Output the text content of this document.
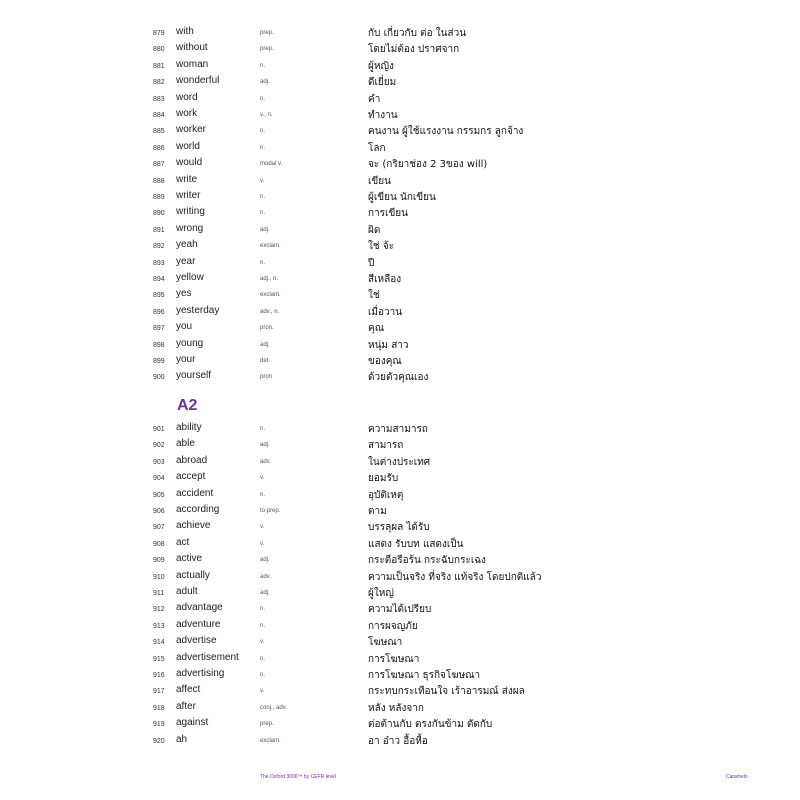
879 with	prep.	กับ เกี่ยวกับ ต่อ ในส่วน
880 without	prep.	โดยไม่ต้อง ปราศจาก
881 woman	n.	ผู้หญิง
882 wonderful	adj.	ดีเยี่ยม
883 word	n.	คำ
884 work	v., n.	ทำงาน
885 worker	n.	คนงาน ผู้ใช้แรงงาน กรรมกร ลูกจ้าง
886 world	n.	โลก
887 would	modal v.	จะ (กริยาช่อง 2 3ของ will)
888 write	v.	เขียน
889 writer	n.	ผู้เขียน นักเขียน
890 writing	n.	การเขียน
891 wrong	adj.	ผิด
892 yeah	exclam.	ใช่ จ้ะ
893 year	n.	ปี
894 yellow	adj., n.	สีเหลือง
895 yes	exclam.	ใช่
896 yesterday	adv., n.	เมื่อวาน
897 you	pron.	คุณ
898 young	adj.	หนุ่ม สาว
899 your	det.	ของคุณ
900 yourself	pron	ด้วยตัวคุณเอง
A2
901 ability	n.	ความสามารถ
902 able	adj.	สามารถ
903 abroad	adv.	ในต่างประเทศ
904 accept	v.	ยอมรับ
905 accident	n.	อุบัติเหตุ
906 according	to prep.	ตาม
907 achieve	v.	บรรลุผล ได้รับ
908 act	v.	แสดง รับบท แสดงเป็น
909 active	adj.	กระตือรือร้น กระฉับกระเฉง
910 actually	adv.	ความเป็นจริง ที่จริง แท้จริง โดยปกติแล้ว
911 adult	adj.	ผู้ใหญ่
912 advantage	n.	ความได้เปรียบ
913 adventure	n.	การผจญภัย
914 advertise	v.	โฆษณา
915 advertisement	n.	การโฆษณา
916 advertising	n.	การโฆษณา ธุรกิจโฆษณา
917 affect	v.	กระทบกระเทือนใจ เร้าอารมณ์ ส่งผล
918 after	conj., adv.	หลัง หลังจาก
919 against	prep.	ต่อต้านกับ ตรงกันข้าม ตัดกับ
920 ah	exclam.	อา อ๋าว อื้อหื้อ
The Oxford 3000™ by CEFR level	Caramelo
